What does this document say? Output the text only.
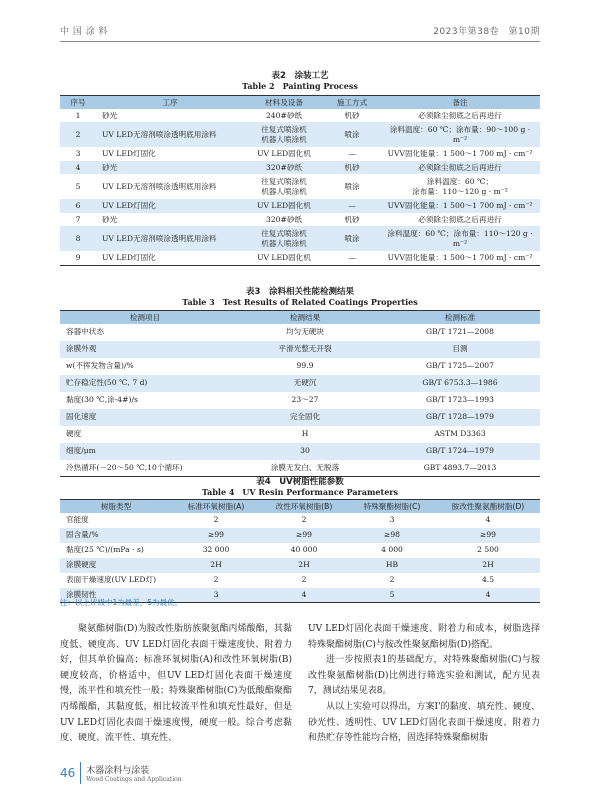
中 国 涂 料	2023年第38卷　第10期
表2　涂装工艺
Table 2　Painting Process
序号	工序	材料及设备	施工方式	备注
1	砂光	240#砂纸	机砂	必须除尘彻底之后再进行
2	UV LED无溶剂喷涂透明底用涂料	往复式喷涂机
机器人喷涂机	喷涂	涂料温度：60 ℃；涂布量：90～100 g · m⁻²
3	UV LED灯固化	UV LED固化机	—	UVV固化能量：1 500～1 700 mJ · cm⁻²
4	砂光	320#砂纸	机砂	必须除尘彻底之后再进行
5	UV LED无溶剂喷涂透明底用涂料	往复式喷涂机
机器人喷涂机	喷涂	涂料温度：60 ℃；
涂布量：110～120 g · m⁻²
6	UV LED灯固化	UV LED固化机	—	UVV固化能量：1 500～1 700 mJ · cm⁻²
7	砂光	320#砂纸	机砂	必须除尘彻底之后再进行
8	UV LED无溶剂喷涂透明底用涂料	往复式喷涂机
机器人喷涂机	喷涂	涂料温度：60 ℃；涂布量：110～120 g · m⁻²
9	UV LED灯固化	UV LED固化机	—	UVV固化能量：1 500～1 700 mJ · cm⁻²
表3　涂料相关性能检测结果
Table 3　Test Results of Related Coatings Properties
检测项目	检测结果	检测标准
容器中状态	均匀无硬块	GB/T 1721—2008
涂膜外观	平滑光整无开裂	目测
w(不挥发物含量)/%	99.9	GB/T 1725—2007
贮存稳定性(50 ℃, 7 d)	无硬沉	GB/T 6753.3—1986
黏度(30 ℃,涂-4#)/s	23～27	GB/T 1723—1993
固化速度	完全固化	GB/T 1728—1979
硬度	H	ASTM D3363
细度/μm	30	GB/T 1724—1979
冷热循环(－20～50 ℃,10个循环)	涂膜无发白、无脱落	GBT 4893.7—2013
表4　UV树脂性能参数
Table 4　UV Resin Performance Parameters
树脂类型	标准环氧树脂(A)	改性环氧树脂(B)	特殊聚酯树脂(C)	胺改性聚氨酯树脂(D)
官能度	2	2	3	4
固含量/%	≥99	≥99	≥98	≥99
黏度(25 ℃)/(mPa · s)	32 000	40 000	4 000	2 500
涂膜硬度	2H	2H	HB	2H
表面干燥速度(UV LED灯)	2	2	2	4.5
涂膜韧性	3	4	5	4
注：以上评级中1为最差，5为最优。

聚氨酯树脂(D)为胺改性脂肪族聚氨酯丙烯酸酯，其黏度低、硬度高、UV LED灯固化表面干燥速度快、附着力好，但其单价偏高；标准环氧树脂(A)和改性环氧树脂(B)硬度较高，价格适中，但UV LED灯固化表面干燥速度慢，流平性和填充性一般；特殊聚酯树脂(C)为低酸酯聚酯丙烯酸酯，其黏度低，相比较流平性和填充性最好，但是UV LED灯固化表面干燥速度慢，硬度一般。综合考虑黏度、硬度、流平性、填充性、

UV LED灯固化表面干燥速度、附着力和成本，树脂选择特殊聚酯树脂(C)与胺改性聚氨酯树脂(D)搭配。

进一步按照表1的基础配方，对特殊聚酯树脂(C)与胺改性聚氨酯树脂(D)比例进行筛选实验和测试，配方见表7，测试结果见表8。

从以上实验可以得出，方案Ⅰ'的黏度、填充性、硬度、砂光性、透明性、UV LED灯固化表面干燥速度、附着力和热贮存等性能均合格，固选择特殊聚酯树脂

46 木器涂料与涂装
Wood Coatings and Application
